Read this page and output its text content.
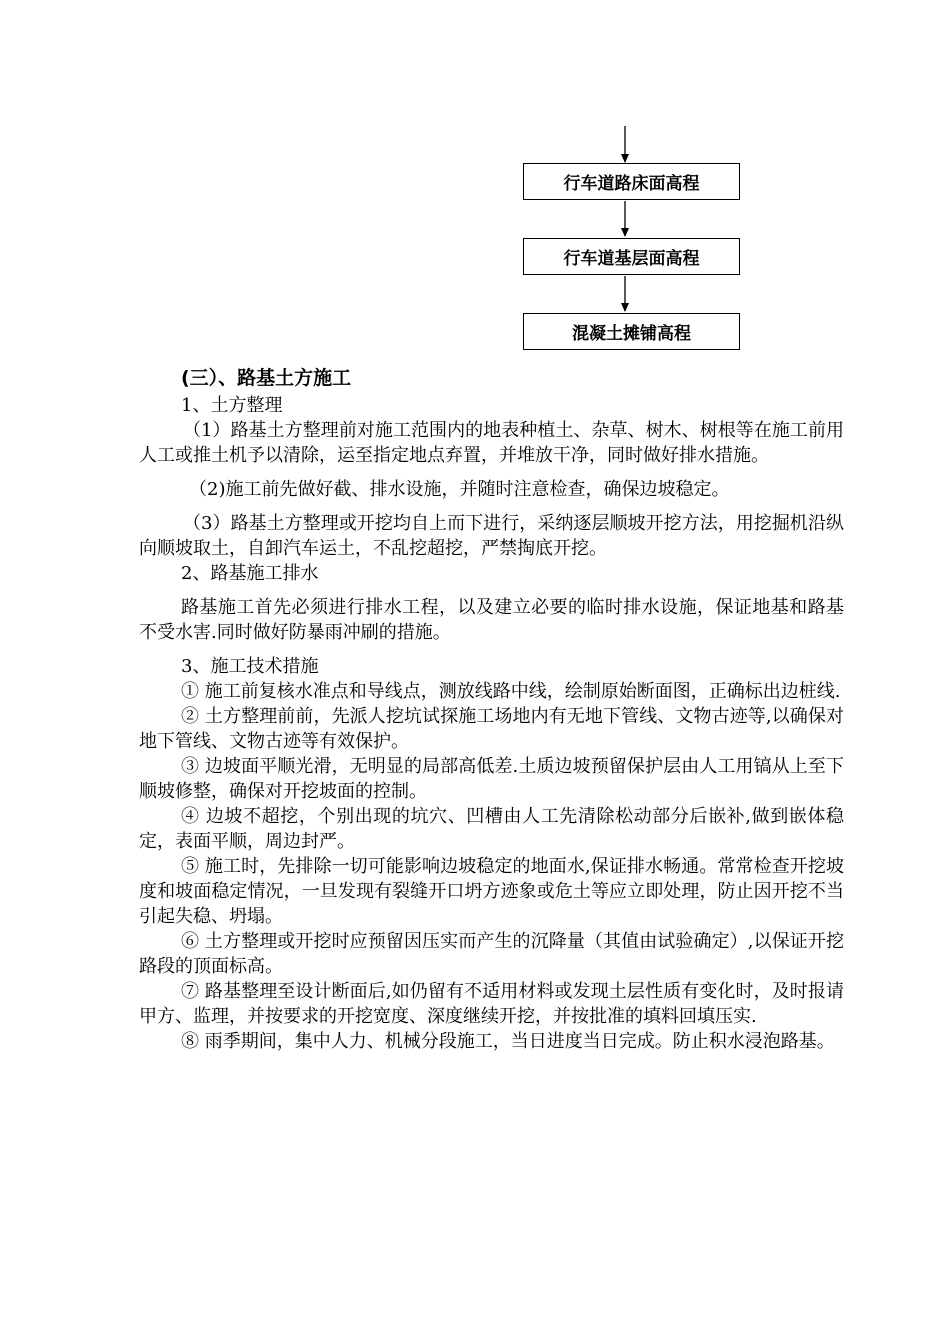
行车道路床面高程
行车道基层面高程
混凝土摊铺高程
(三）、路基土方施工
1、土方整理
（1）路基土方整理前对施工范围内的地表种植土、杂草、树木、树根等在施工前用人工或推土机予以清除，运至指定地点弃置，并堆放干净，同时做好排水措施。
（2)施工前先做好截、排水设施，并随时注意检查，确保边坡稳定。
（3）路基土方整理或开挖均自上而下进行，采纳逐层顺坡开挖方法，用挖掘机沿纵向顺坡取土，自卸汽车运土，不乱挖超挖，严禁掏底开挖。
2、路基施工排水
路基施工首先必须进行排水工程，以及建立必要的临时排水设施，保证地基和路基不受水害.同时做好防暴雨冲刷的措施。
3、施工技术措施
① 施工前复核水准点和导线点，测放线路中线，绘制原始断面图，正确标出边桩线.
② 土方整理前前，先派人挖坑试探施工场地内有无地下管线、文物古迹等,以确保对地下管线、文物古迹等有效保护。
③ 边坡面平顺光滑，无明显的局部高低差.土质边坡预留保护层由人工用镐从上至下顺坡修整，确保对开挖坡面的控制。
④ 边坡不超挖，个别出现的坑穴、凹槽由人工先清除松动部分后嵌补,做到嵌体稳定，表面平顺，周边封严。
⑤ 施工时，先排除一切可能影响边坡稳定的地面水,保证排水畅通。常常检查开挖坡度和坡面稳定情况，一旦发现有裂缝开口坍方迹象或危土等应立即处理，防止因开挖不当引起失稳、坍塌。
⑥ 土方整理或开挖时应预留因压实而产生的沉降量（其值由试验确定）,以保证开挖路段的顶面标高。
⑦ 路基整理至设计断面后,如仍留有不适用材料或发现土层性质有变化时，及时报请甲方、监理，并按要求的开挖宽度、深度继续开挖，并按批准的填料回填压实.
⑧ 雨季期间，集中人力、机械分段施工，当日进度当日完成。防止积水浸泡路基。
